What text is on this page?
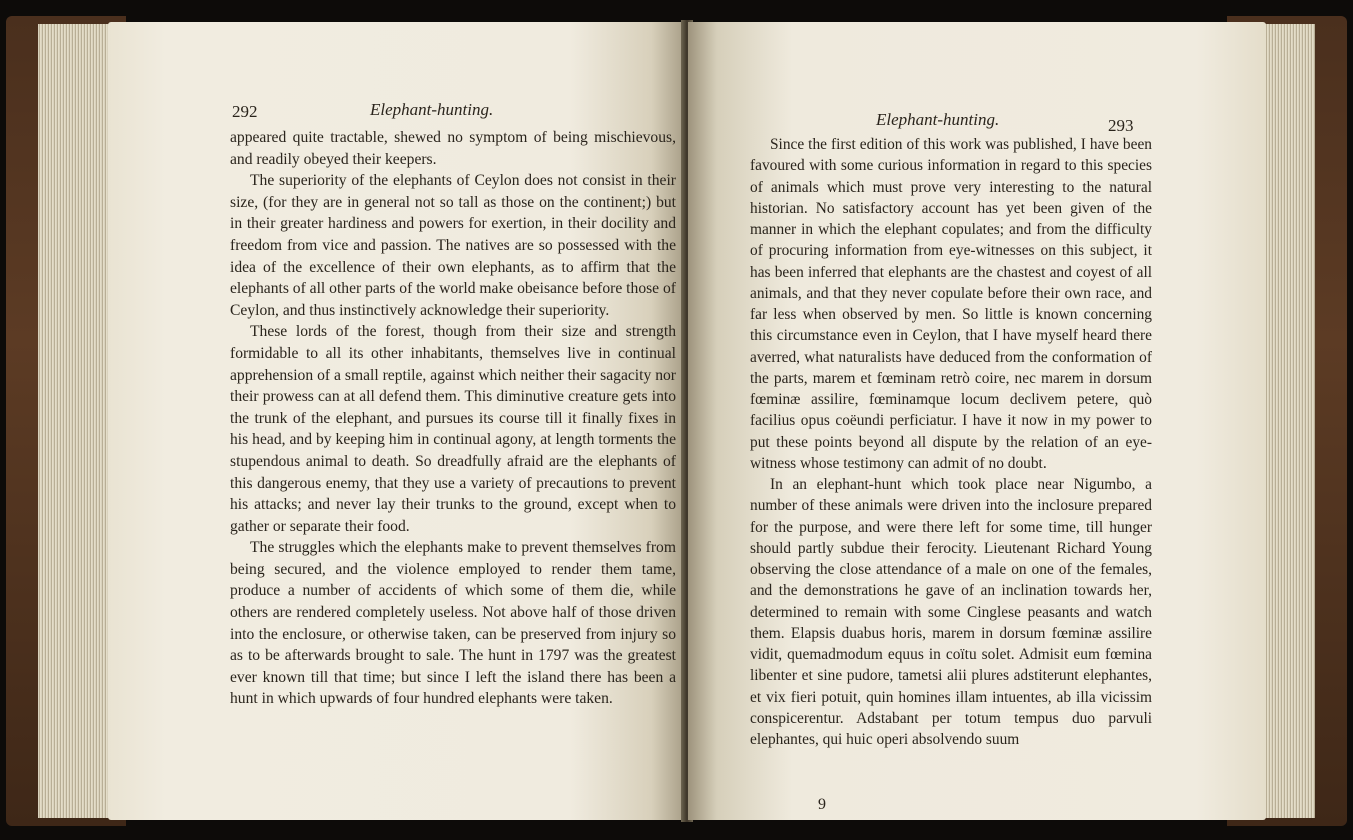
292	Elephant-hunting.

appeared quite tractable, shewed no symptom of being mischievous, and readily obeyed their keepers.

The superiority of the elephants of Ceylon does not consist in their size, (for they are in general not so tall as those on the continent;) but in their greater hardiness and powers for exertion, in their docility and freedom from vice and passion. The natives are so possessed with the idea of the excellence of their own elephants, as to affirm that the elephants of all other parts of the world make obeisance before those of Ceylon, and thus instinctively acknowledge their superiority.

These lords of the forest, though from their size and strength formidable to all its other inhabitants, themselves live in continual apprehension of a small reptile, against which neither their sagacity nor their prowess can at all defend them. This diminutive creature gets into the trunk of the elephant, and pursues its course till it finally fixes in his head, and by keeping him in continual agony, at length torments the stupendous animal to death. So dreadfully afraid are the elephants of this dangerous enemy, that they use a variety of precautions to prevent his attacks; and never lay their trunks to the ground, except when to gather or separate their food.

The struggles which the elephants make to prevent themselves from being secured, and the violence employed to render them tame, produce a number of accidents of which some of them die, while others are rendered completely useless. Not above half of those driven into the enclosure, or otherwise taken, can be preserved from injury so as to be afterwards brought to sale. The hunt in 1797 was the greatest ever known till that time; but since I left the island there has been a hunt in which upwards of four hundred elephants were taken.

Elephant-hunting.	293

Since the first edition of this work was published, I have been favoured with some curious information in regard to this species of animals which must prove very interesting to the natural historian. No satisfactory account has yet been given of the manner in which the elephant copulates; and from the difficulty of procuring information from eye-witnesses on this subject, it has been inferred that elephants are the chastest and coyest of all animals, and that they never copulate before their own race, and far less when observed by men. So little is known concerning this circumstance even in Ceylon, that I have myself heard there averred, what naturalists have deduced from the conformation of the parts, marem et fœminam retrò coire, nec marem in dorsum fœminæ assilire, fœminamque locum declivem petere, quò facilius opus coëundi perficiatur. I have it now in my power to put these points beyond all dispute by the relation of an eye-witness whose testimony can admit of no doubt.

In an elephant-hunt which took place near Nigumbo, a number of these animals were driven into the inclosure prepared for the purpose, and were there left for some time, till hunger should partly subdue their ferocity. Lieutenant Richard Young observing the close attendance of a male on one of the females, and the demonstrations he gave of an inclination towards her, determined to remain with some Cinglese peasants and watch them. Elapsis duabus horis, marem in dorsum fœminæ assilire vidit, quemadmodum equus in coïtu solet. Admisit eum fœmina libenter et sine pudore, tametsi alii plures adstiterunt elephantes, et vix fieri potuit, quin homines illam intuentes, ab illa vicissim conspicerentur. Adstabant per totum tempus duo parvuli elephantes, qui huic operi absolvendo suum

9
